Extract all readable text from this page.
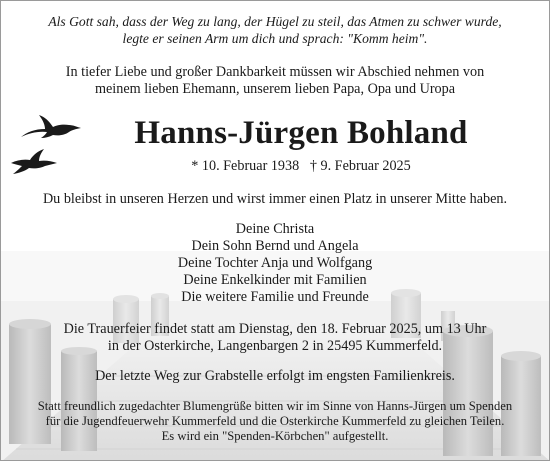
Als Gott sah, dass der Weg zu lang, der Hügel zu steil, das Atmen zu schwer wurde,
legte er seinen Arm um dich und sprach: "Komm heim".
In tiefer Liebe und großer Dankbarkeit müssen wir Abschied nehmen von
meinem lieben Ehemann, unserem lieben Papa, Opa und Uropa
Hanns-Jürgen Bohland
* 10. Februar 1938   † 9. Februar 2025
Du bleibst in unseren Herzen und wirst immer einen Platz in unserer Mitte haben.
Deine Christa
Dein Sohn Bernd und Angela
Deine Tochter Anja und Wolfgang
Deine Enkelkinder mit Familien
Die weitere Familie und Freunde
Die Trauerfeier findet statt am Dienstag, den 18. Februar 2025, um 13 Uhr
in der Osterkirche, Langenbargen 2 in 25495 Kummerfeld.
Der letzte Weg zur Grabstelle erfolgt im engsten Familienkreis.
Statt freundlich zugedachter Blumengrüße bitten wir im Sinne von Hanns-Jürgen um Spenden
für die Jugendfeuerwehr Kummerfeld und die Osterkirche Kummerfeld zu gleichen Teilen.
Es wird ein "Spenden-Körbchen" aufgestellt.
